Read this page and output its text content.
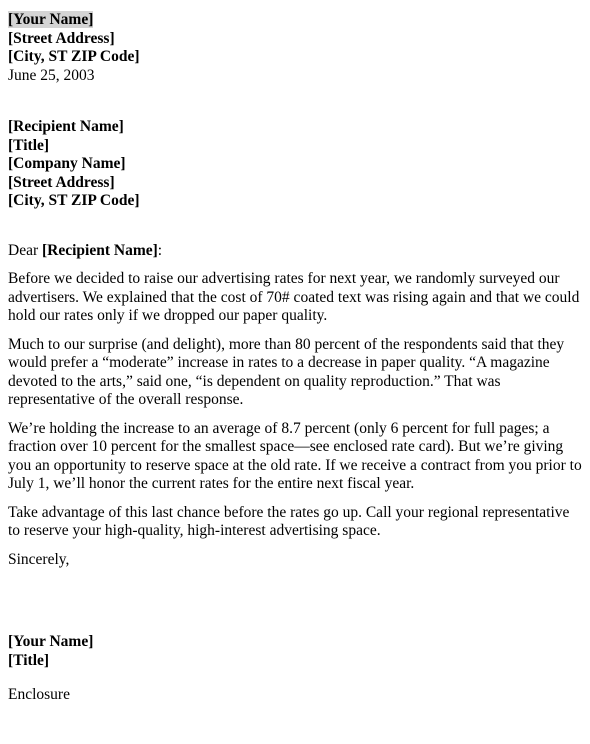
[Your Name]
[Street Address]
[City, ST ZIP Code]
June 25, 2003
[Recipient Name]
[Title]
[Company Name]
[Street Address]
[City, ST ZIP Code]

Dear [Recipient Name]:

Before we decided to raise our advertising rates for next year, we randomly surveyed our advertisers. We explained that the cost of 70# coated text was rising again and that we could hold our rates only if we dropped our paper quality.

Much to our surprise (and delight), more than 80 percent of the respondents said that they would prefer a “moderate” increase in rates to a decrease in paper quality. “A magazine devoted to the arts,” said one, “is dependent on quality reproduction.” That was representative of the overall response.

We’re holding the increase to an average of 8.7 percent (only 6 percent for full pages; a fraction over 10 percent for the smallest space—see enclosed rate card). But we’re giving you an opportunity to reserve space at the old rate. If we receive a contract from you prior to July 1, we’ll honor the current rates for the entire next fiscal year.

Take advantage of this last chance before the rates go up. Call your regional representative to reserve your high-quality, high-interest advertising space.

Sincerely,

[Your Name]
[Title]
Enclosure
